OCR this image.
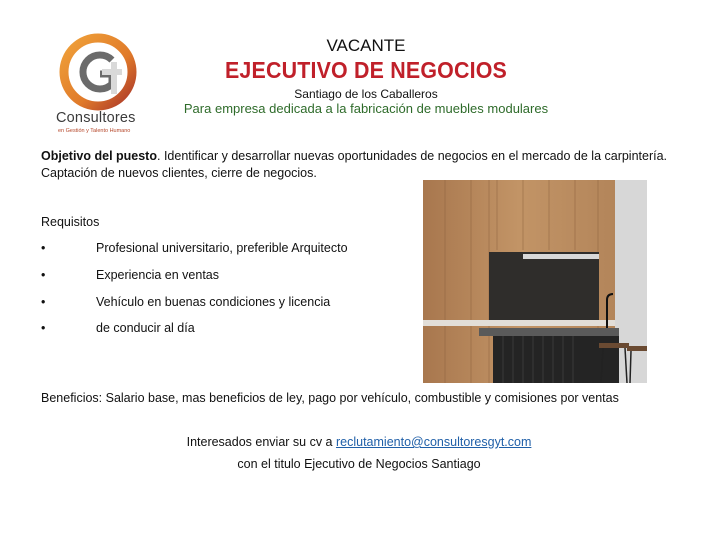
Consultores
en Gestión y Talento Humano
VACANTE
EJECUTIVO DE NEGOCIOS
Santiago de los Caballeros
Para empresa dedicada a la fabricación de muebles modulares
Objetivo del puesto. Identificar y desarrollar nuevas oportunidades de negocios en el mercado de la carpintería.
Captación de nuevos clientes, cierre de negocios.
Requisitos
•	Profesional universitario, preferible Arquitecto
•	Experiencia en ventas
•	Vehículo en buenas condiciones y licencia
•	de conducir al día
Beneficios: Salario base, mas beneficios de ley, pago por vehículo, combustible y comisiones por ventas
Interesados enviar su cv a reclutamiento@consultoresgyt.com
con el titulo Ejecutivo de Negocios Santiago
